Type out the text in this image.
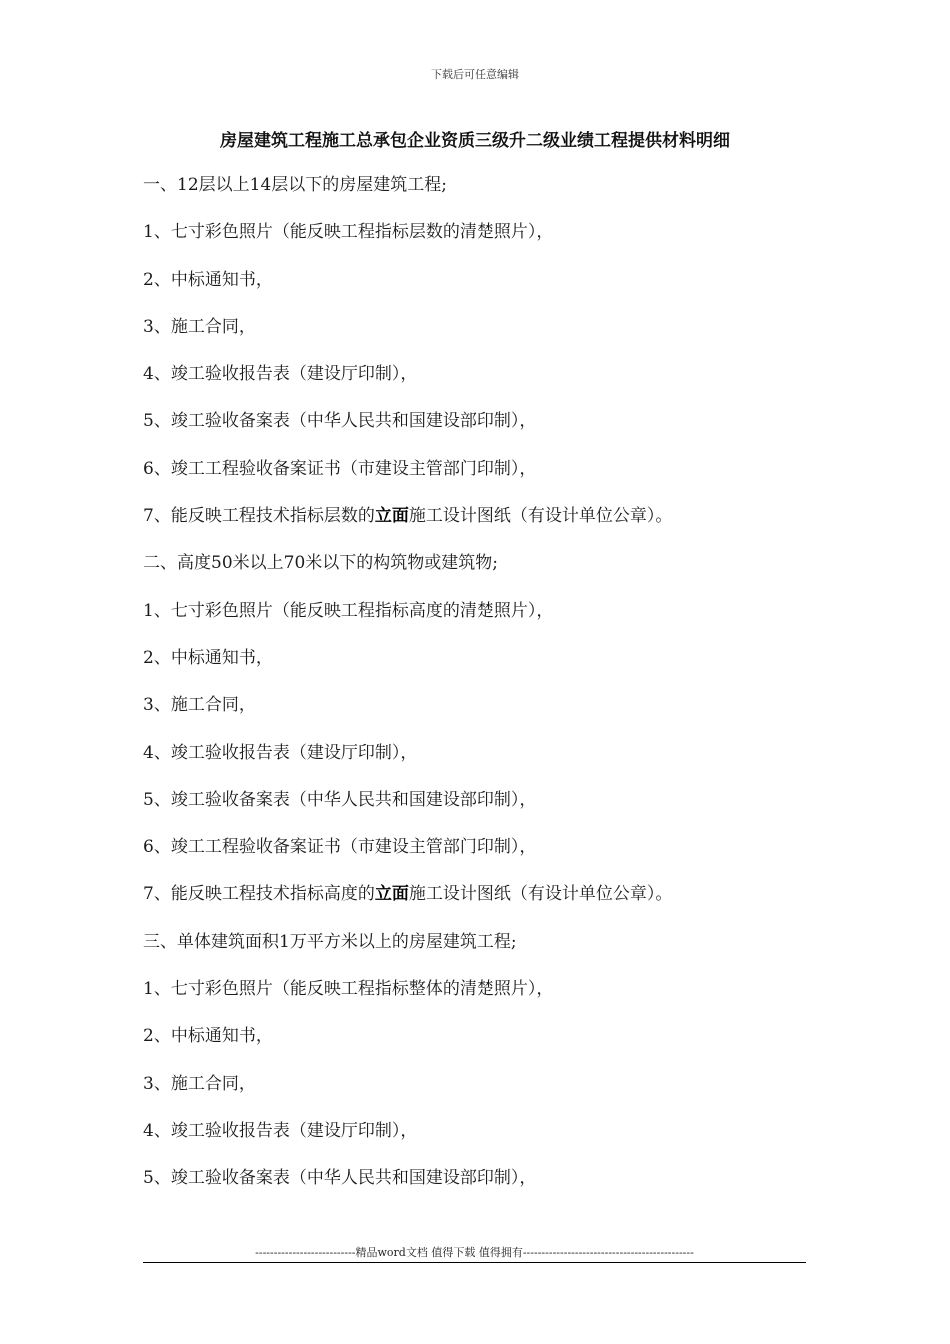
下载后可任意编辑
房屋建筑工程施工总承包企业资质三级升二级业绩工程提供材料明细
一、12层以上14层以下的房屋建筑工程;
1、七寸彩色照片（能反映工程指标层数的清楚照片），
2、中标通知书，
3、施工合同，
4、竣工验收报告表（建设厅印制），
5、竣工验收备案表（中华人民共和国建设部印制），
6、竣工工程验收备案证书（市建设主管部门印制），
7、能反映工程技术指标层数的立面施工设计图纸（有设计单位公章）。
二、高度50米以上70米以下的构筑物或建筑物;
1、七寸彩色照片（能反映工程指标高度的清楚照片），
2、中标通知书，
3、施工合同，
4、竣工验收报告表（建设厅印制），
5、竣工验收备案表（中华人民共和国建设部印制），
6、竣工工程验收备案证书（市建设主管部门印制），
7、能反映工程技术指标高度的立面施工设计图纸（有设计单位公章）。
三、单体建筑面积1万平方米以上的房屋建筑工程;
1、七寸彩色照片（能反映工程指标整体的清楚照片），
2、中标通知书，
3、施工合同，
4、竣工验收报告表（建设厅印制），
5、竣工验收备案表（中华人民共和国建设部印制），
---------------------------精品word文档 值得下载 值得拥有----------------------------------------------
